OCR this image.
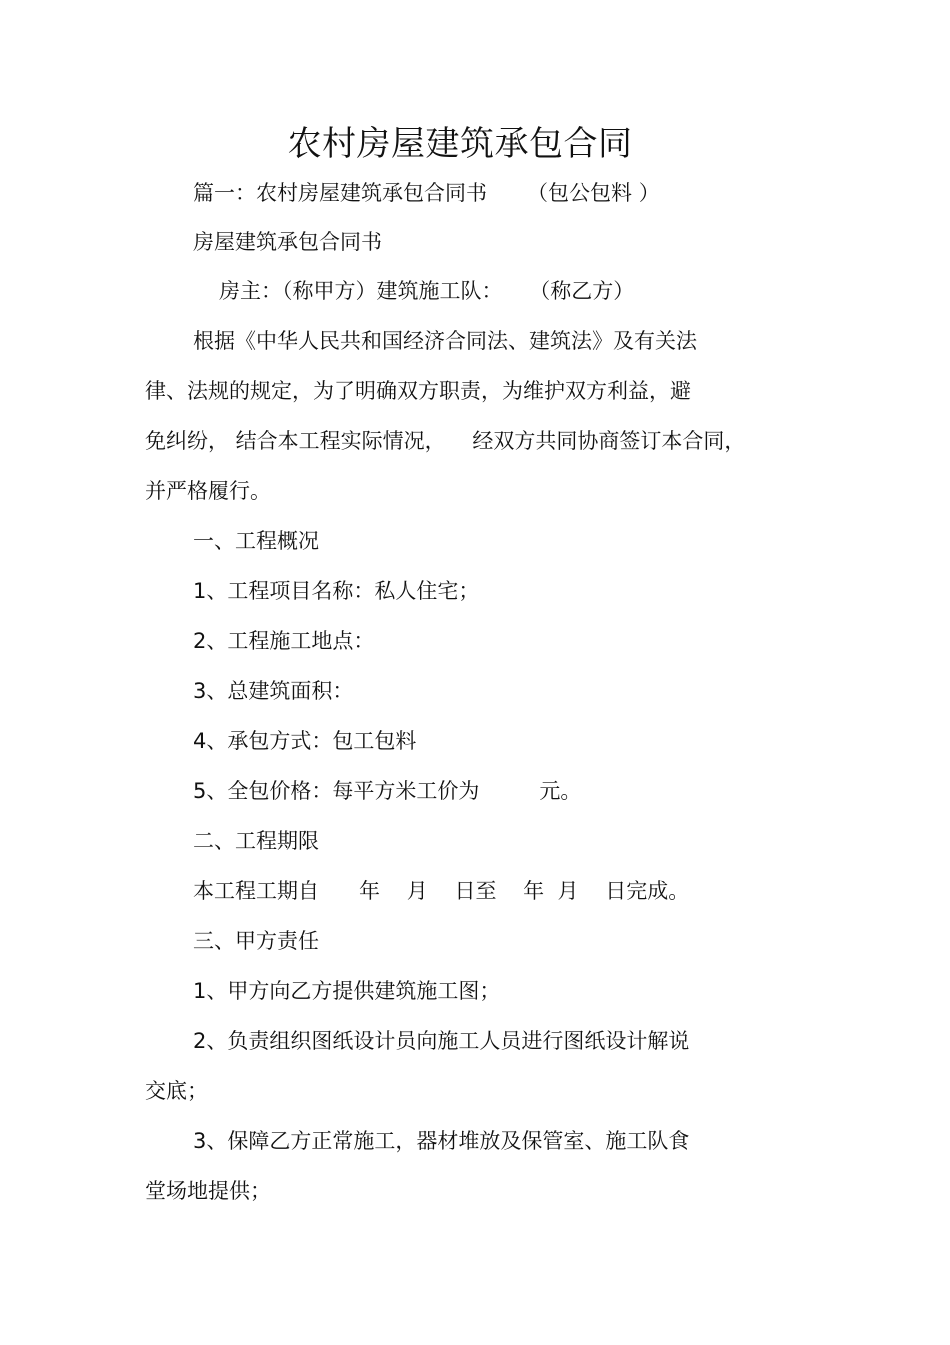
农村房屋建筑承包合同
篇一：农村房屋建筑承包合同书      （包公包料 ）
房屋建筑承包合同书
房主：（称甲方）建筑施工队：    （称乙方）
根据《中华人民共和国经济合同法、建筑法》及有关法
律、法规的规定，为了明确双方职责，为维护双方利益，避
免纠纷， 结合本工程实际情况，    经双方共同协商签订本合同，
并严格履行。
一、工程概况
1、工程项目名称：私人住宅；
2、工程施工地点：
3、总建筑面积：
4、承包方式：包工包料
5、全包价格：每平方米工价为         元。
二、工程期限
本工程工期自      年    月    日至    年  月    日完成。
三、甲方责任
1、甲方向乙方提供建筑施工图；
2、负责组织图纸设计员向施工人员进行图纸设计解说
交底；
3、保障乙方正常施工，器材堆放及保管室、施工队食
堂场地提供；
